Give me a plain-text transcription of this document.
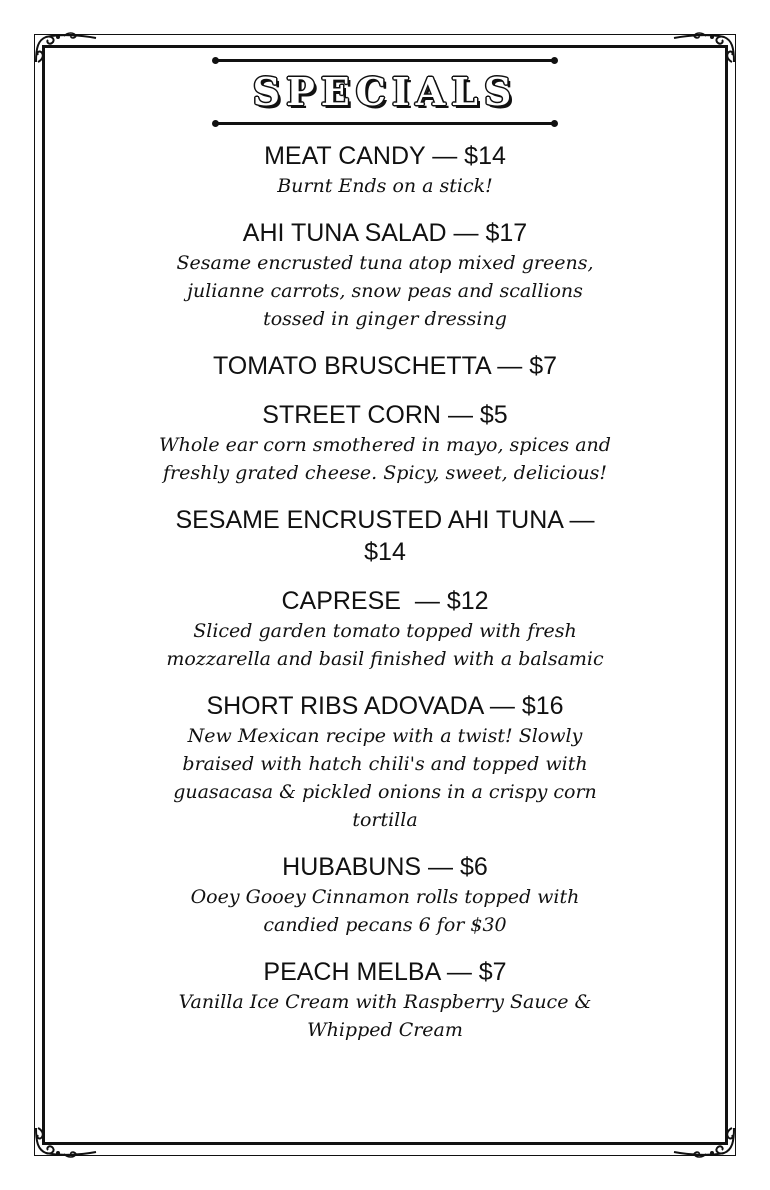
SPECIALS
MEAT CANDY — $14
Burnt Ends on a stick!
AHI TUNA SALAD — $17
Sesame encrusted tuna atop mixed greens,
julianne carrots, snow peas and scallions
tossed in ginger dressing
TOMATO BRUSCHETTA — $7
STREET CORN — $5
Whole ear corn smothered in mayo, spices and
freshly grated cheese. Spicy, sweet, delicious!
SESAME ENCRUSTED AHI TUNA — $14
CAPRESE — $12
Sliced garden tomato topped with fresh
mozzarella and basil finished with a balsamic
SHORT RIBS ADOVADA — $16
New Mexican recipe with a twist! Slowly
braised with hatch chili's and topped with
guasacasa & pickled onions in a crispy corn
tortilla
HUBABUNS — $6
Ooey Gooey Cinnamon rolls topped with
candied pecans 6 for $30
PEACH MELBA — $7
Vanilla Ice Cream with Raspberry Sauce &
Whipped Cream
